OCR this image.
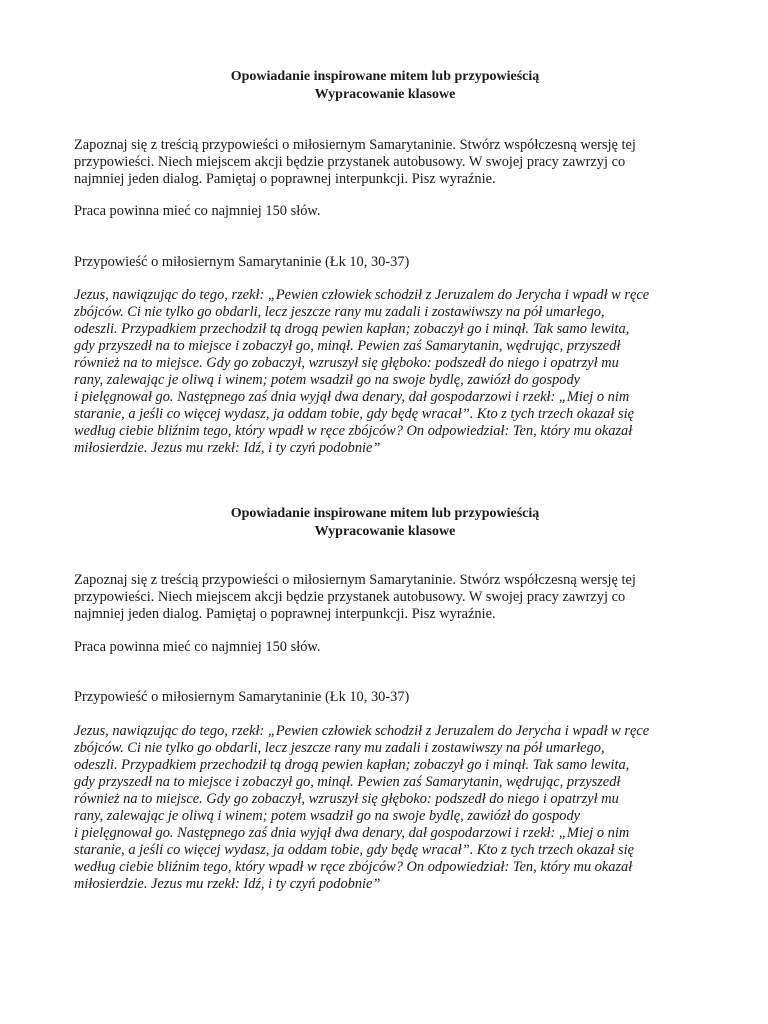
Opowiadanie inspirowane mitem lub przypowieścią
Wypracowanie klasowe

Zapoznaj się z treścią przypowieści o miłosiernym Samarytaninie. Stwórz współczesną wersję tej
przypowieści. Niech miejscem akcji będzie przystanek autobusowy. W swojej pracy zawrzyj co
najmniej jeden dialog. Pamiętaj o poprawnej interpunkcji. Pisz wyraźnie.

Praca powinna mieć co najmniej 150 słów.

Przypowieść o miłosiernym Samarytaninie (Łk 10, 30-37)

Jezus, nawiązując do tego, rzekł: „Pewien człowiek schodził z Jeruzalem do Jerycha i wpadł w ręce
zbójców. Ci nie tylko go obdarli, lecz jeszcze rany mu zadali i zostawiwszy na pół umarłego,
odeszli. Przypadkiem przechodził tą drogą pewien kapłan; zobaczył go i minął. Tak samo lewita,
gdy przyszedł na to miejsce i zobaczył go, minął. Pewien zaś Samarytanin, wędrując, przyszedł
również na to miejsce. Gdy go zobaczył, wzruszył się głęboko: podszedł do niego i opatrzył mu
rany, zalewając je oliwą i winem; potem wsadził go na swoje bydlę, zawiózł do gospody
i pielęgnował go. Następnego zaś dnia wyjął dwa denary, dał gospodarzowi i rzekł: „Miej o nim
staranie, a jeśli co więcej wydasz, ja oddam tobie, gdy będę wracał”. Kto z tych trzech okazał się
według ciebie bliźnim tego, który wpadł w ręce zbójców? On odpowiedział: Ten, który mu okazał
miłosierdzie. Jezus mu rzekł: Idź, i ty czyń podobnie”

Opowiadanie inspirowane mitem lub przypowieścią
Wypracowanie klasowe

Zapoznaj się z treścią przypowieści o miłosiernym Samarytaninie. Stwórz współczesną wersję tej
przypowieści. Niech miejscem akcji będzie przystanek autobusowy. W swojej pracy zawrzyj co
najmniej jeden dialog. Pamiętaj o poprawnej interpunkcji. Pisz wyraźnie.

Praca powinna mieć co najmniej 150 słów.

Przypowieść o miłosiernym Samarytaninie (Łk 10, 30-37)

Jezus, nawiązując do tego, rzekł: „Pewien człowiek schodził z Jeruzalem do Jerycha i wpadł w ręce
zbójców. Ci nie tylko go obdarli, lecz jeszcze rany mu zadali i zostawiwszy na pół umarłego,
odeszli. Przypadkiem przechodził tą drogą pewien kapłan; zobaczył go i minął. Tak samo lewita,
gdy przyszedł na to miejsce i zobaczył go, minął. Pewien zaś Samarytanin, wędrując, przyszedł
również na to miejsce. Gdy go zobaczył, wzruszył się głęboko: podszedł do niego i opatrzył mu
rany, zalewając je oliwą i winem; potem wsadził go na swoje bydlę, zawiózł do gospody
i pielęgnował go. Następnego zaś dnia wyjął dwa denary, dał gospodarzowi i rzekł: „Miej o nim
staranie, a jeśli co więcej wydasz, ja oddam tobie, gdy będę wracał”. Kto z tych trzech okazał się
według ciebie bliźnim tego, który wpadł w ręce zbójców? On odpowiedział: Ten, który mu okazał
miłosierdzie. Jezus mu rzekł: Idź, i ty czyń podobnie”
